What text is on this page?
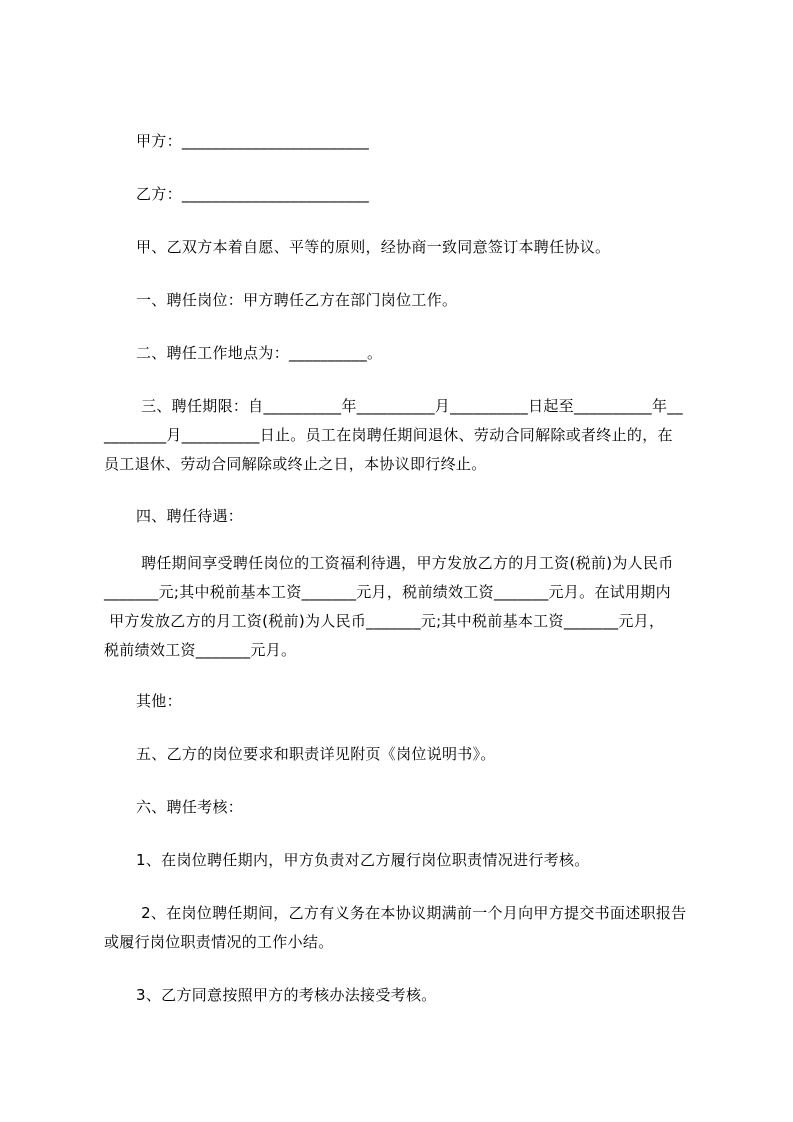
甲方：________________________
乙方：________________________
甲、乙双方本着自愿、平等的原则，经协商一致同意签订本聘任协议。
一、聘任岗位：甲方聘任乙方在部门岗位工作。
二、聘任工作地点为：__________。
三、聘任期限：自__________年__________月__________日起至__________年__
________月__________日止。员工在岗聘任期间退休、劳动合同解除或者终止的，在
员工退休、劳动合同解除或终止之日，本协议即行终止。
四、聘任待遇：
聘任期间享受聘任岗位的工资福利待遇，甲方发放乙方的月工资(税前)为人民币
_______元;其中税前基本工资_______元月，税前绩效工资_______元月。在试用期内
甲方发放乙方的月工资(税前)为人民币_______元;其中税前基本工资_______元月，
税前绩效工资_______元月。
其他：
五、乙方的岗位要求和职责详见附页《岗位说明书》。
六、聘任考核：
1、在岗位聘任期内，甲方负责对乙方履行岗位职责情况进行考核。
2、在岗位聘任期间，乙方有义务在本协议期满前一个月向甲方提交书面述职报告
或履行岗位职责情况的工作小结。
3、乙方同意按照甲方的考核办法接受考核。
